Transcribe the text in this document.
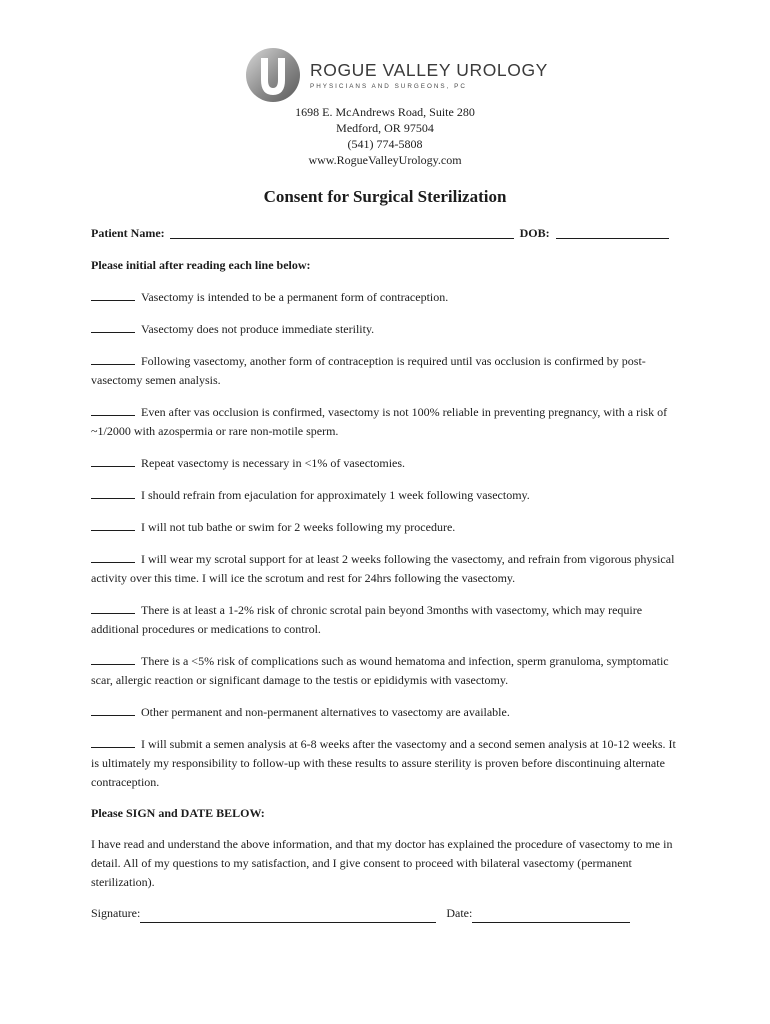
ROGUE VALLEY UROLOGY
PHYSICIANS AND SURGEONS, PC
1698 E. McAndrews Road, Suite 280
Medford, OR 97504
(541) 774-5808
www.RogueValleyUrology.com
Consent for Surgical Sterilization
Patient Name:	DOB:
Please initial after reading each line below:
Vasectomy is intended to be a permanent form of contraception.
Vasectomy does not produce immediate sterility.
Following vasectomy, another form of contraception is required until vas occlusion is confirmed by post-vasectomy semen analysis.
Even after vas occlusion is confirmed, vasectomy is not 100% reliable in preventing pregnancy, with a risk of ~1/2000 with azospermia or rare non-motile sperm.
Repeat vasectomy is necessary in <1% of vasectomies.
I should refrain from ejaculation for approximately 1 week following vasectomy.
I will not tub bathe or swim for 2 weeks following my procedure.
I will wear my scrotal support for at least 2 weeks following the vasectomy, and refrain from vigorous physical activity over this time. I will ice the scrotum and rest for 24hrs following the vasectomy.
There is at least a 1-2% risk of chronic scrotal pain beyond 3months with vasectomy, which may require additional procedures or medications to control.
There is a <5% risk of complications such as wound hematoma and infection, sperm granuloma, symptomatic scar, allergic reaction or significant damage to the testis or epididymis with vasectomy.
Other permanent and non-permanent alternatives to vasectomy are available.
I will submit a semen analysis at 6-8 weeks after the vasectomy and a second semen analysis at 10-12 weeks. It is ultimately my responsibility to follow-up with these results to assure sterility is proven before discontinuing alternate contraception.
Please SIGN and DATE BELOW:
I have read and understand the above information, and that my doctor has explained the procedure of vasectomy to me in detail. All of my questions to my satisfaction, and I give consent to proceed with bilateral vasectomy (permanent sterilization).
Signature:	Date:
